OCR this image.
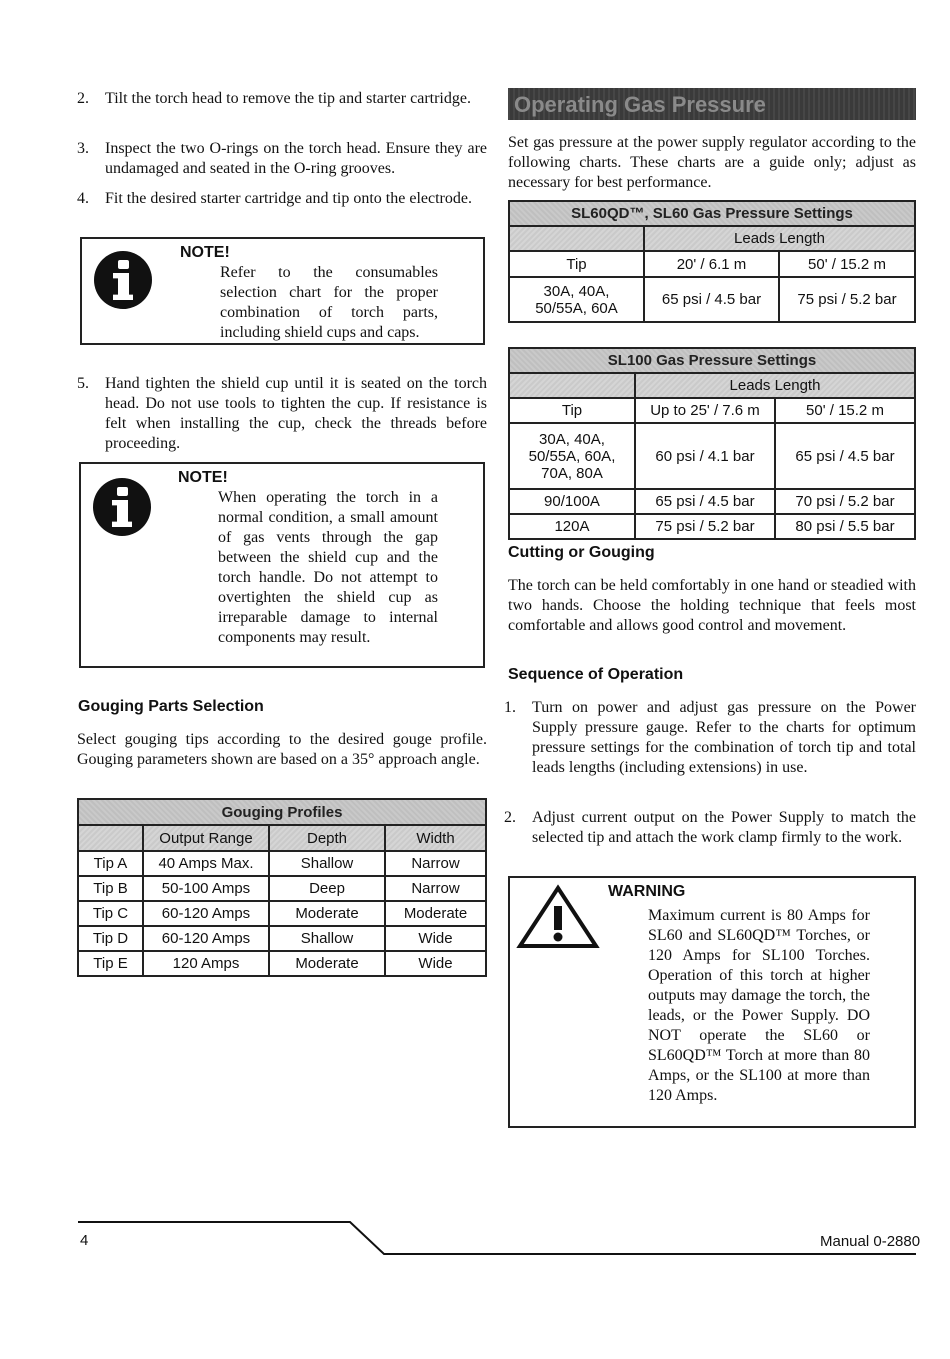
2. Tilt the torch head to remove the tip and starter cartridge.
3. Inspect the two O-rings on the torch head. Ensure they are undamaged and seated in the O-ring grooves.
4. Fit the desired starter cartridge and tip onto the electrode.
NOTE!
Refer to the consumables selection chart for the proper combination of torch parts, including shield cups and caps.
5. Hand tighten the shield cup until it is seated on the torch head. Do not use tools to tighten the cup. If resistance is felt when installing the cup, check the threads before proceeding.
NOTE!
When operating the torch in a normal condition, a small amount of gas vents through the gap between the shield cup and the torch handle. Do not attempt to overtighten the shield cup as irreparable damage to internal components may result.
Gouging Parts Selection
Select gouging tips according to the desired gouge profile. Gouging parameters shown are based on a 35° approach angle.
Gouging Profiles			
	Output Range	Depth	Width
Tip A	40 Amps Max.	Shallow	Narrow
Tip B	50-100 Amps	Deep	Narrow
Tip C	60-120 Amps	Moderate	Moderate
Tip D	60-120 Amps	Shallow	Wide
Tip E	120 Amps	Moderate	Wide
Operating Gas Pressure
Set gas pressure at the power supply regulator according to the following charts. These charts are a guide only; adjust as necessary for best performance.
SL60QD™, SL60 Gas Pressure Settings		
	Leads Length	
Tip	20' / 6.1 m	50' / 15.2 m
30A, 40A, 50/55A, 60A	65 psi / 4.5 bar	75 psi / 5.2 bar
SL100 Gas Pressure Settings		
	Leads Length	
Tip	Up to 25' / 7.6 m	50' / 15.2 m
30A, 40A, 50/55A, 60A, 70A, 80A	60 psi / 4.1 bar	65 psi / 4.5 bar
90/100A	65 psi / 4.5 bar	70 psi / 5.2 bar
120A	75 psi / 5.2 bar	80 psi / 5.5 bar
Cutting or Gouging
The torch can be held comfortably in one hand or steadied with two hands. Choose the holding technique that feels most comfortable and allows good control and movement.
Sequence of Operation
1. Turn on power and adjust gas pressure on the Power Supply pressure gauge. Refer to the charts for optimum pressure settings for the combination of torch tip and total leads lengths (including extensions) in use.
2. Adjust current output on the Power Supply to match the selected tip and attach the work clamp firmly to the work.
WARNING
Maximum current is 80 Amps for SL60 and SL60QD™ Torches, or 120 Amps for SL100 Torches. Operation of this torch at higher outputs may damage the torch, the leads, or the Power Supply. DO NOT operate the SL60 or SL60QD™ Torch at more than 80 Amps, or the SL100 at more than 120 Amps.
4	Manual 0-2880
